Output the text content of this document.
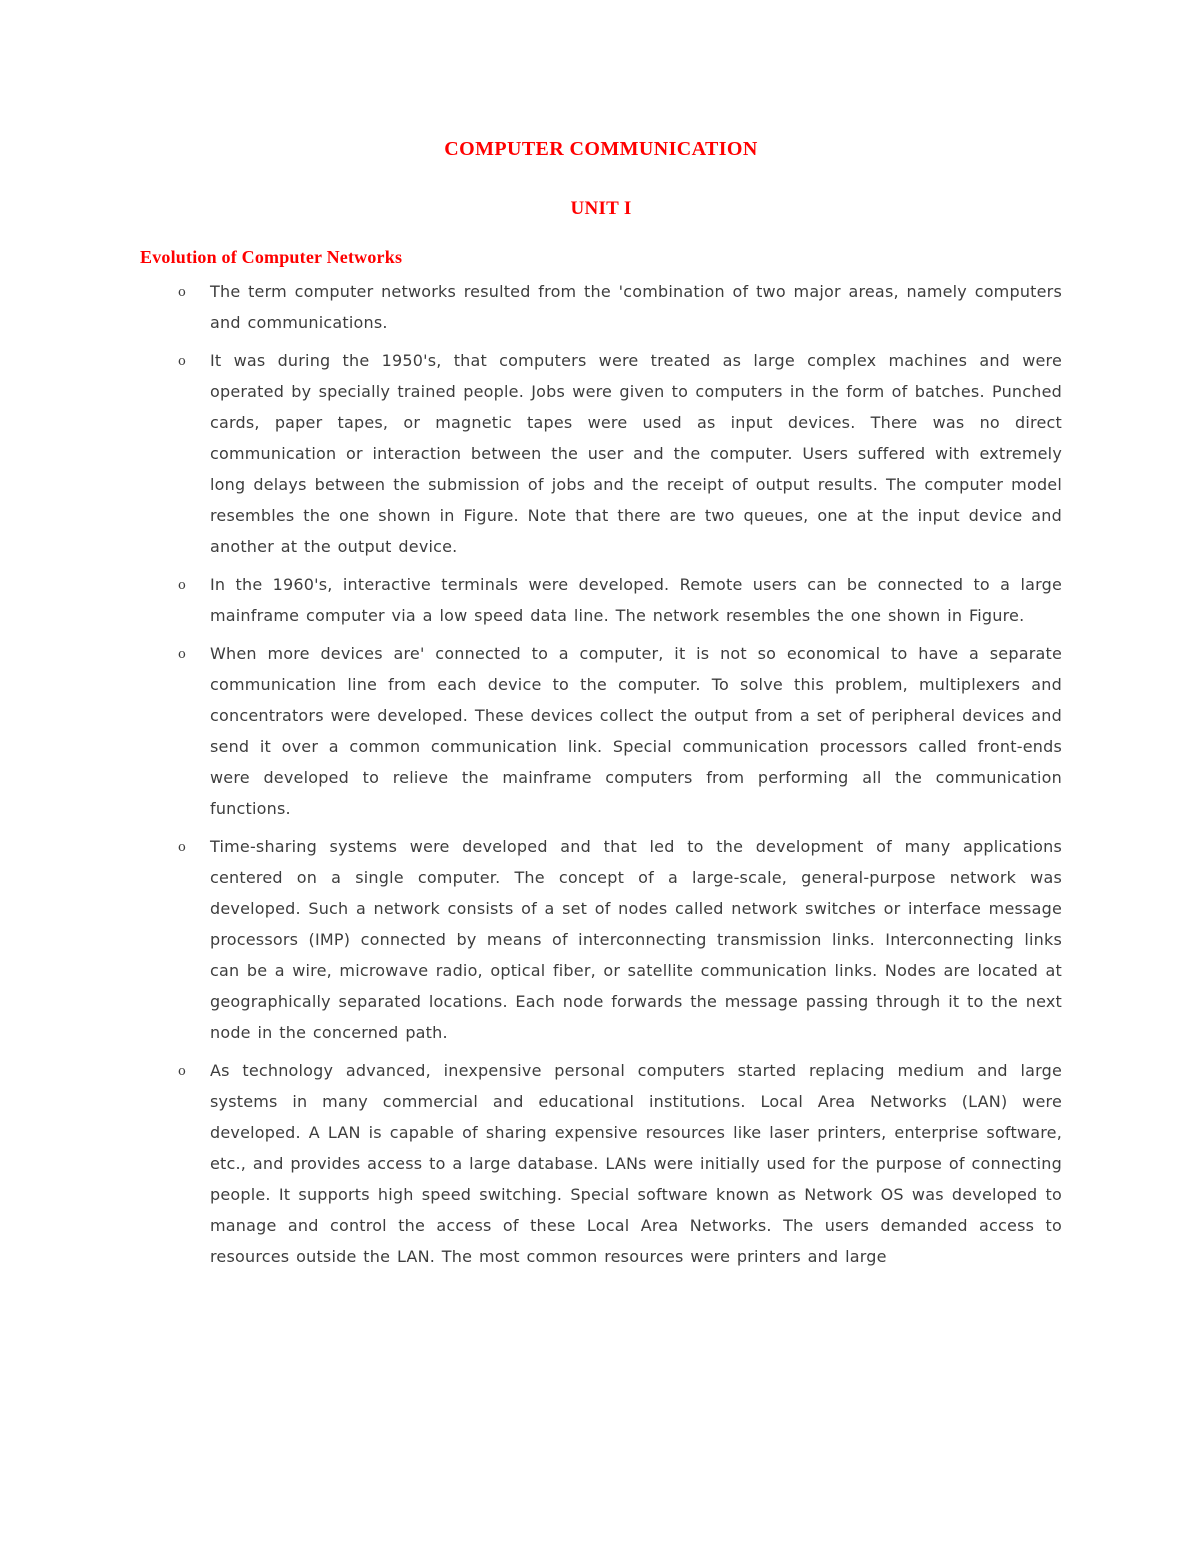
COMPUTER COMMUNICATION
UNIT I
Evolution of Computer Networks
o	The term computer networks resulted from the 'combination of two major areas, namely computers and communications.
o	It was during the 1950's, that computers were treated as large complex machines and were operated by specially trained people. Jobs were given to computers in the form of batches. Punched cards, paper tapes, or magnetic tapes were used as input devices. There was no direct communication or interaction between the user and the computer. Users suffered with extremely long delays between the submission of jobs and the receipt of output results. The computer model resembles the one shown in Figure. Note that there are two queues, one at the input device and another at the output device.
o	In the 1960's, interactive terminals were developed. Remote users can be connected to a large mainframe computer via a low speed data line. The network resembles the one shown in Figure.
o	When more devices are' connected to a computer, it is not so economical to have a separate communication line from each device to the computer. To solve this problem, multiplexers and concentrators were developed. These devices collect the output from a set of peripheral devices and send it over a common communication link. Special communication processors called front-ends were developed to relieve the mainframe computers from performing all the communication functions.
o	Time-sharing systems were developed and that led to the development of many applications centered on a single computer. The concept of a large-scale, general-purpose network was developed. Such a network consists of a set of nodes called network switches or interface message processors (IMP) connected by means of interconnecting transmission links. Interconnecting links can be a wire, microwave radio, optical fiber, or satellite communication links. Nodes are located at geographically separated locations. Each node forwards the message passing through it to the next node in the concerned path.
o	As technology advanced, inexpensive personal computers started replacing medium and large systems in many commercial and educational institutions. Local Area Networks (LAN) were developed. A LAN is capable of sharing expensive resources like laser printers, enterprise software, etc., and provides access to a large database. LANs were initially used for the purpose of connecting people. It supports high speed switching. Special software known as Network OS was developed to manage and control the access of these Local Area Networks. The users demanded access to resources outside the LAN. The most common resources were printers and large
